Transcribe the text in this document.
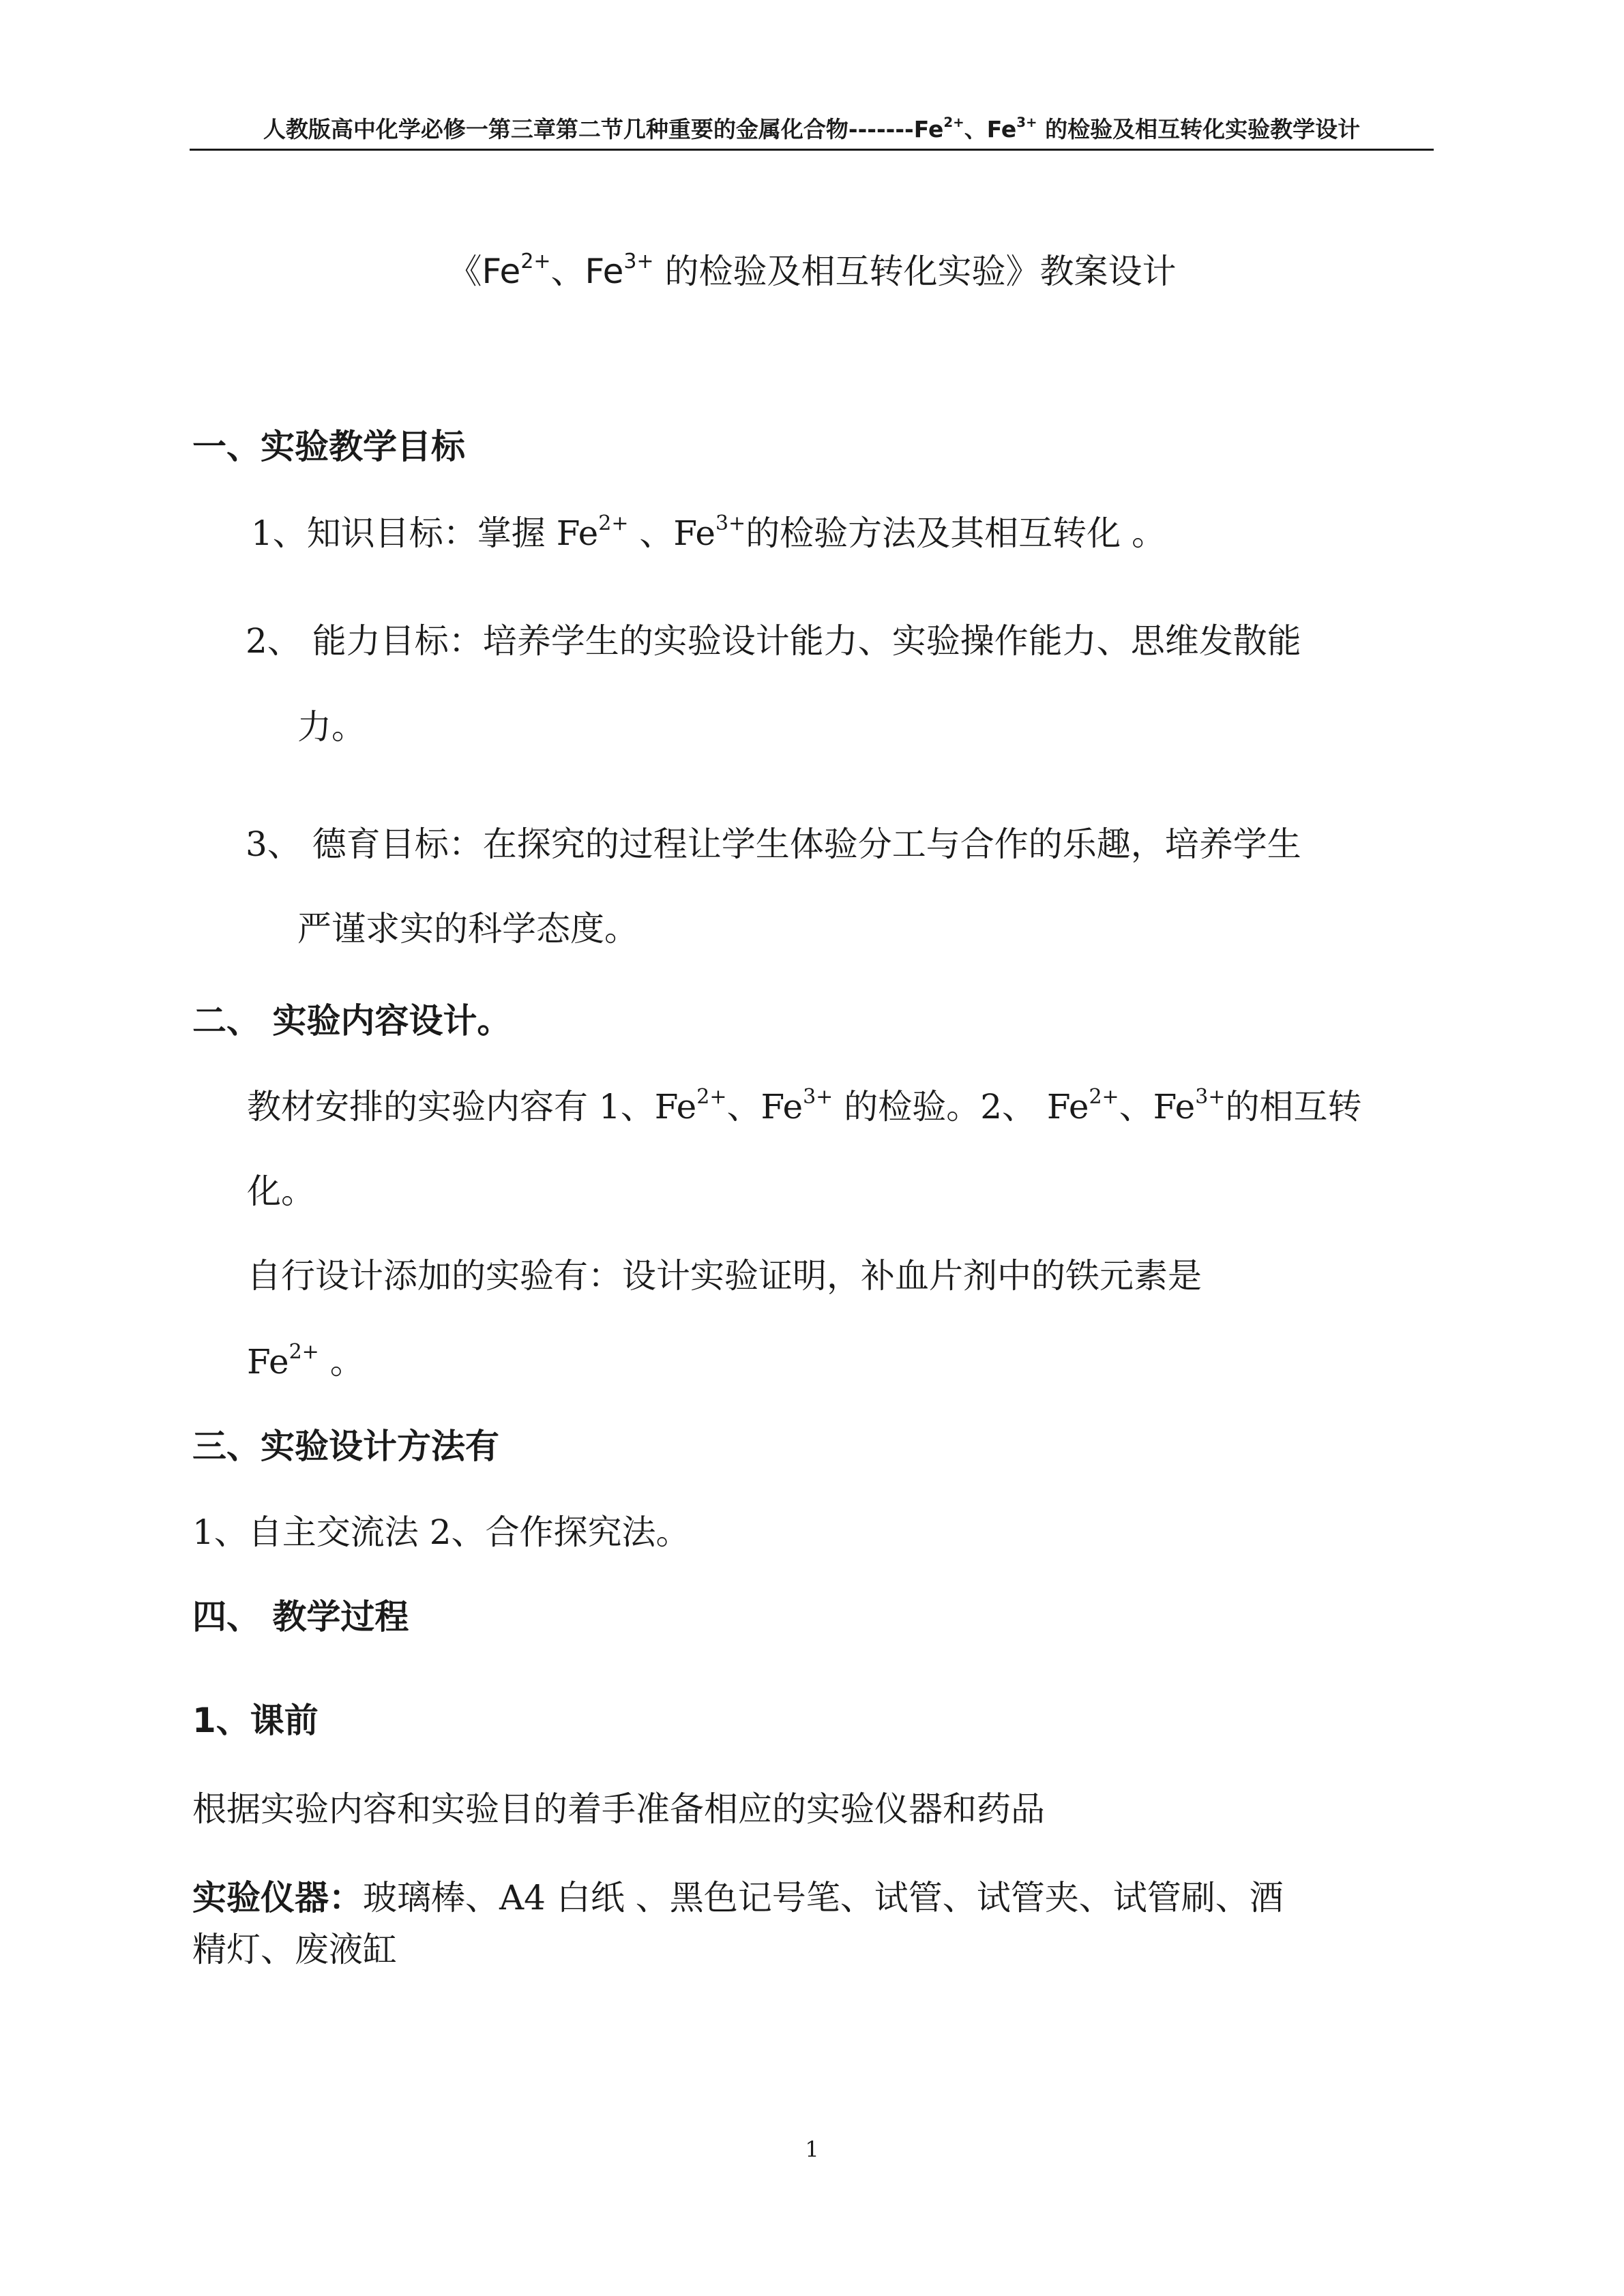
人教版高中化学必修一第三章第二节几种重要的金属化合物$-------Fe^{2+}$、$Fe^{3+}$ 的检验及相互转化实验教学设计
《$Fe^{2+}$、$Fe^{3+}$ 的检验及相互转化实验》教案设计
一、实验教学目标
1、知识目标：掌握 $Fe^{2+}$ 、$Fe^{3+}$的检验方法及其相互转化 。
2、 能力目标：培养学生的实验设计能力、实验操作能力、思维发散能
力。
3、 德育目标：在探究的过程让学生体验分工与合作的乐趣，培养学生
严谨求实的科学态度。
二、 实验内容设计。
教材安排的实验内容有 1、$Fe^{2+}$、$Fe^{3+}$ 的检验。2、 $Fe^{2+}$、$Fe^{3+}$的相互转
化。
自行设计添加的实验有：设计实验证明，补血片剂中的铁元素是
$Fe^{2+}$ 。
三、实验设计方法有
1、自主交流法 2、合作探究法。
四、 教学过程
1、课前
根据实验内容和实验目的着手准备相应的实验仪器和药品
实验仪器：玻璃棒、A4 白纸 、黑色记号笔、试管、试管夹、试管刷、酒
精灯、废液缸
1
